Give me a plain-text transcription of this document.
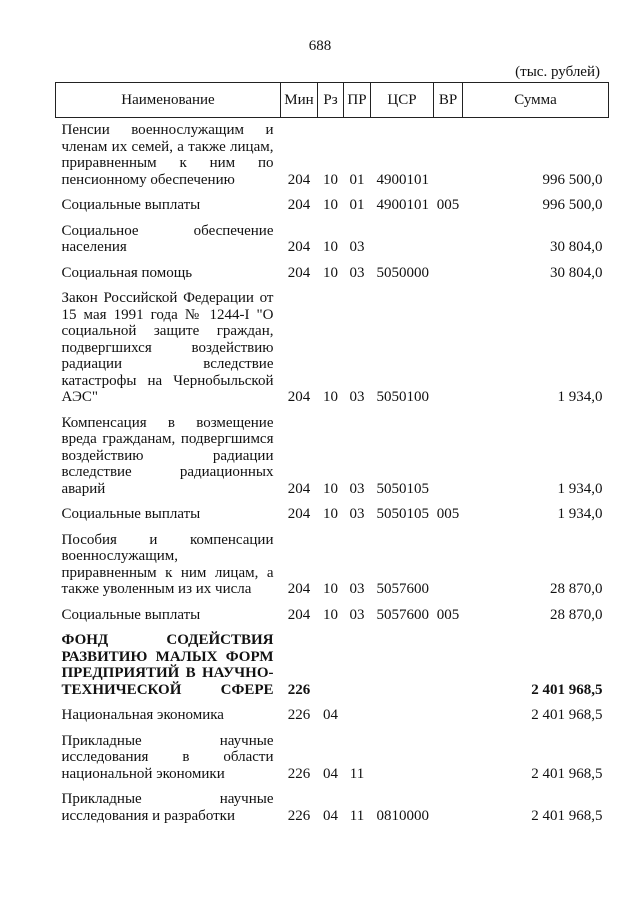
688
(тыс. рублей)
Наименование	Мин	Рз	ПР	ЦСР	ВР	Сумма
Пенсии военнослужащим и членам их семей, а также лицам, приравненным к ним по пенсионному обеспечению	204	10	01	4900101		996 500,0
Социальные выплаты	204	10	01	4900101	005	996 500,0
Социальное обеспечение населения	204	10	03			30 804,0
Социальная помощь	204	10	03	5050000		30 804,0
Закон Российской Федерации от 15 мая 1991 года № 1244-I "О социальной защите граждан, подвергшихся воздействию радиации вследствие катастрофы на Чернобыльской АЭС"	204	10	03	5050100		1 934,0
Компенсация в возмещение вреда гражданам, подвергшимся воздействию радиации вследствие радиационных аварий	204	10	03	5050105		1 934,0
Социальные выплаты	204	10	03	5050105	005	1 934,0
Пособия и компенсации военнослужащим, приравненным к ним лицам, а также уволенным из их числа	204	10	03	5057600		28 870,0
Социальные выплаты	204	10	03	5057600	005	28 870,0
ФОНД СОДЕЙСТВИЯ РАЗВИТИЮ МАЛЫХ ФОРМ ПРЕДПРИЯТИЙ В НАУЧНО-ТЕХНИЧЕСКОЙ СФЕРЕ	226					2 401 968,5
Национальная экономика	226	04				2 401 968,5
Прикладные научные исследования в области национальной экономики	226	04	11			2 401 968,5
Прикладные научные исследования и разработки	226	04	11	0810000		2 401 968,5
